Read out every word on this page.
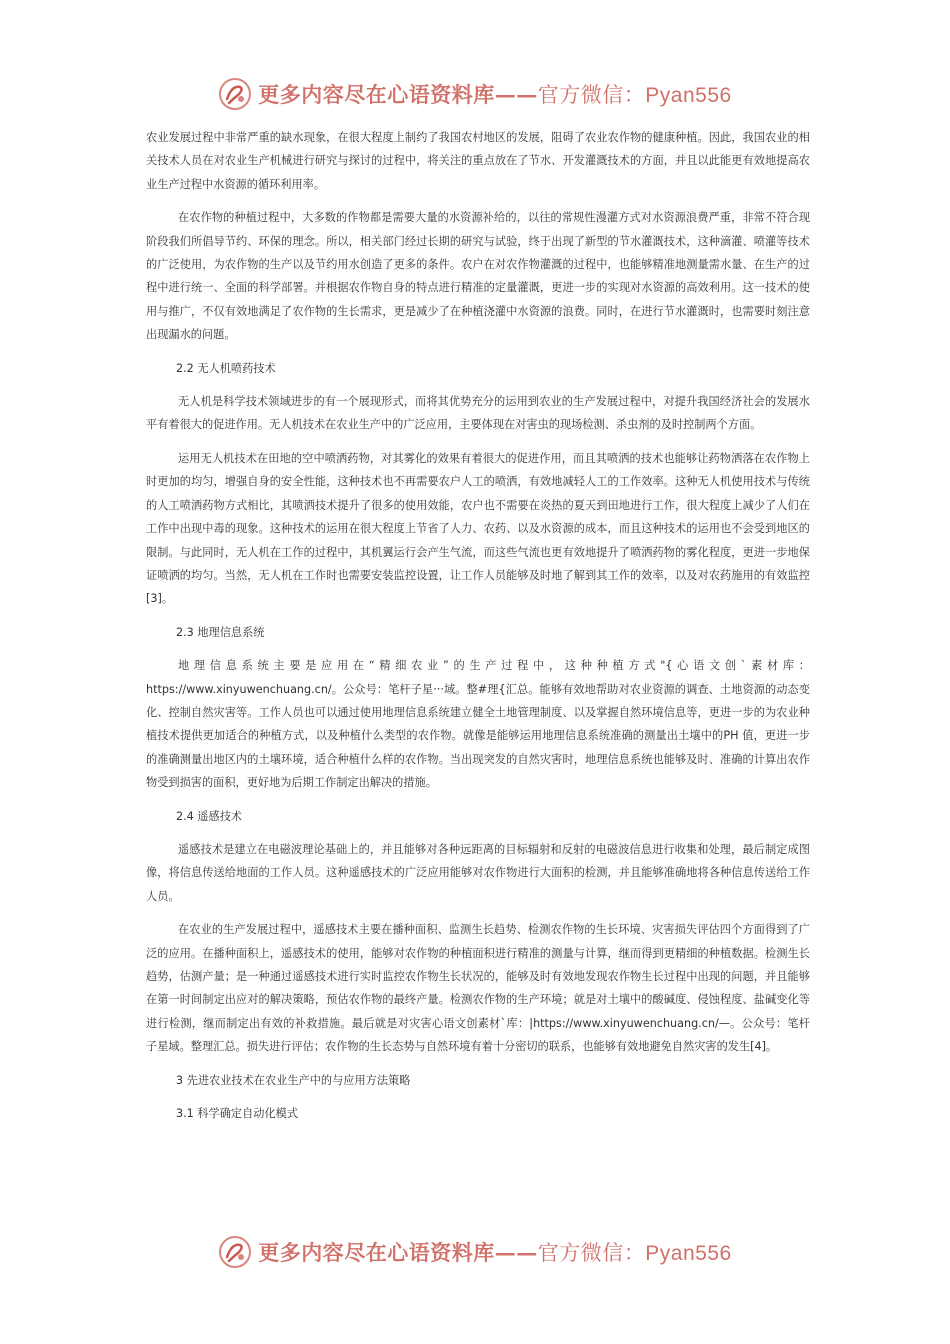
更多内容尽在心语资料库——官方微信：Pyan556

农业发展过程中非常严重的缺水现象，在很大程度上制约了我国农村地区的发展，阻碍了农业农作物的健康种植。因此，我国农业的相关技术人员在对农业生产机械进行研究与探讨的过程中，将关注的重点放在了节水、开发灌溉技术的方面，并且以此能更有效地提高农业生产过程中水资源的循环利用率。

在农作物的种植过程中，大多数的作物都是需要大量的水资源补给的，以往的常规性漫灌方式对水资源浪费严重，非常不符合现阶段我们所倡导节约、环保的理念。所以，相关部门经过长期的研究与试验，终于出现了新型的节水灌溉技术，这种滴灌、喷灌等技术的广泛使用，为农作物的生产以及节约用水创造了更多的条件。农户在对农作物灌溉的过程中，也能够精准地测量需水量、在生产的过程中进行统一、全面的科学部署。并根据农作物自身的特点进行精准的定量灌溉，更进一步的实现对水资源的高效利用。这一技术的使用与推广，不仅有效地满足了农作物的生长需求，更是减少了在种植浇灌中水资源的浪费。同时，在进行节水灌溉时，也需要时刻注意出现漏水的问题。

2.2 无人机喷药技术

无人机是科学技术领域进步的有一个展现形式，而将其优势充分的运用到农业的生产发展过程中，对提升我国经济社会的发展水平有着很大的促进作用。无人机技术在农业生产中的广泛应用，主要体现在对害虫的现场检测、杀虫剂的及时控制两个方面。

运用无人机技术在田地的空中喷洒药物，对其雾化的效果有着很大的促进作用，而且其喷洒的技术也能够让药物洒落在农作物上时更加的均匀，增强自身的安全性能，这种技术也不再需要农户人工的喷洒，有效地减轻人工的工作效率。这种无人机使用技术与传统的人工喷洒药物方式相比，其喷洒技术提升了很多的使用效能，农户也不需要在炎热的夏天到田地进行工作，很大程度上减少了人们在工作中出现中毒的现象。这种技术的运用在很大程度上节省了人力、农药、以及水资源的成本，而且这种技术的运用也不会受到地区的限制。与此同时，无人机在工作的过程中，其机翼运行会产生气流，而这些气流也更有效地提升了喷洒药物的雾化程度，更进一步地保证喷洒的均匀。当然，无人机在工作时也需要安装监控设置，让工作人员能够及时地了解到其工作的效率，以及对农药施用的有效监控[3]。

2.3 地理信息系统

地理信息系统主要是应用在“精细农业”的生产过程中，这种种植方式"{心语文创`素材库：https://www.xinyuwenchuang.cn/。公众号：笔杆子星···域。整#理{汇总。能够有效地帮助对农业资源的调查、土地资源的动态变化、控制自然灾害等。工作人员也可以通过使用地理信息系统建立健全土地管理制度、以及掌握自然环境信息等，更进一步的为农业种植技术提供更加适合的种植方式，以及种植什么类型的农作物。就像是能够运用地理信息系统准确的测量出土壤中的PH 值，更进一步的准确测量出地区内的土壤环境，适合种植什么样的农作物。当出现突发的自然灾害时，地理信息系统也能够及时、准确的计算出农作物受到损害的面积，更好地为后期工作制定出解决的措施。

2.4 遥感技术

遥感技术是建立在电磁波理论基础上的，并且能够对各种远距离的目标辐射和反射的电磁波信息进行收集和处理，最后制定成图像，将信息传送给地面的工作人员。这种遥感技术的广泛应用能够对农作物进行大面积的检测，并且能够准确地将各种信息传送给工作人员。

在农业的生产发展过程中，遥感技术主要在播种面积、监测生长趋势、检测农作物的生长环境、灾害损失评估四个方面得到了广泛的应用。在播种面积上，遥感技术的使用，能够对农作物的种植面积进行精准的测量与计算，继而得到更精细的种植数据。检测生长趋势，估测产量；是一种通过遥感技术进行实时监控农作物生长状况的，能够及时有效地发现农作物生长过程中出现的问题，并且能够在第一时间制定出应对的解决策略，预估农作物的最终产量。检测农作物的生产环境；就是对土壤中的酸碱度、侵蚀程度、盐碱变化等进行检测，继而制定出有效的补救措施。最后就是对灾害心语文创素材`库：|https://www.xinyuwenchuang.cn/—。公众号：笔杆子星域。整理汇总。损失进行评估；农作物的生长态势与自然环境有着十分密切的联系，也能够有效地避免自然灾害的发生[4]。

3 先进农业技术在农业生产中的与应用方法策略
3.1 科学确定自动化模式
更多内容尽在心语资料库——官方微信：Pyan556
